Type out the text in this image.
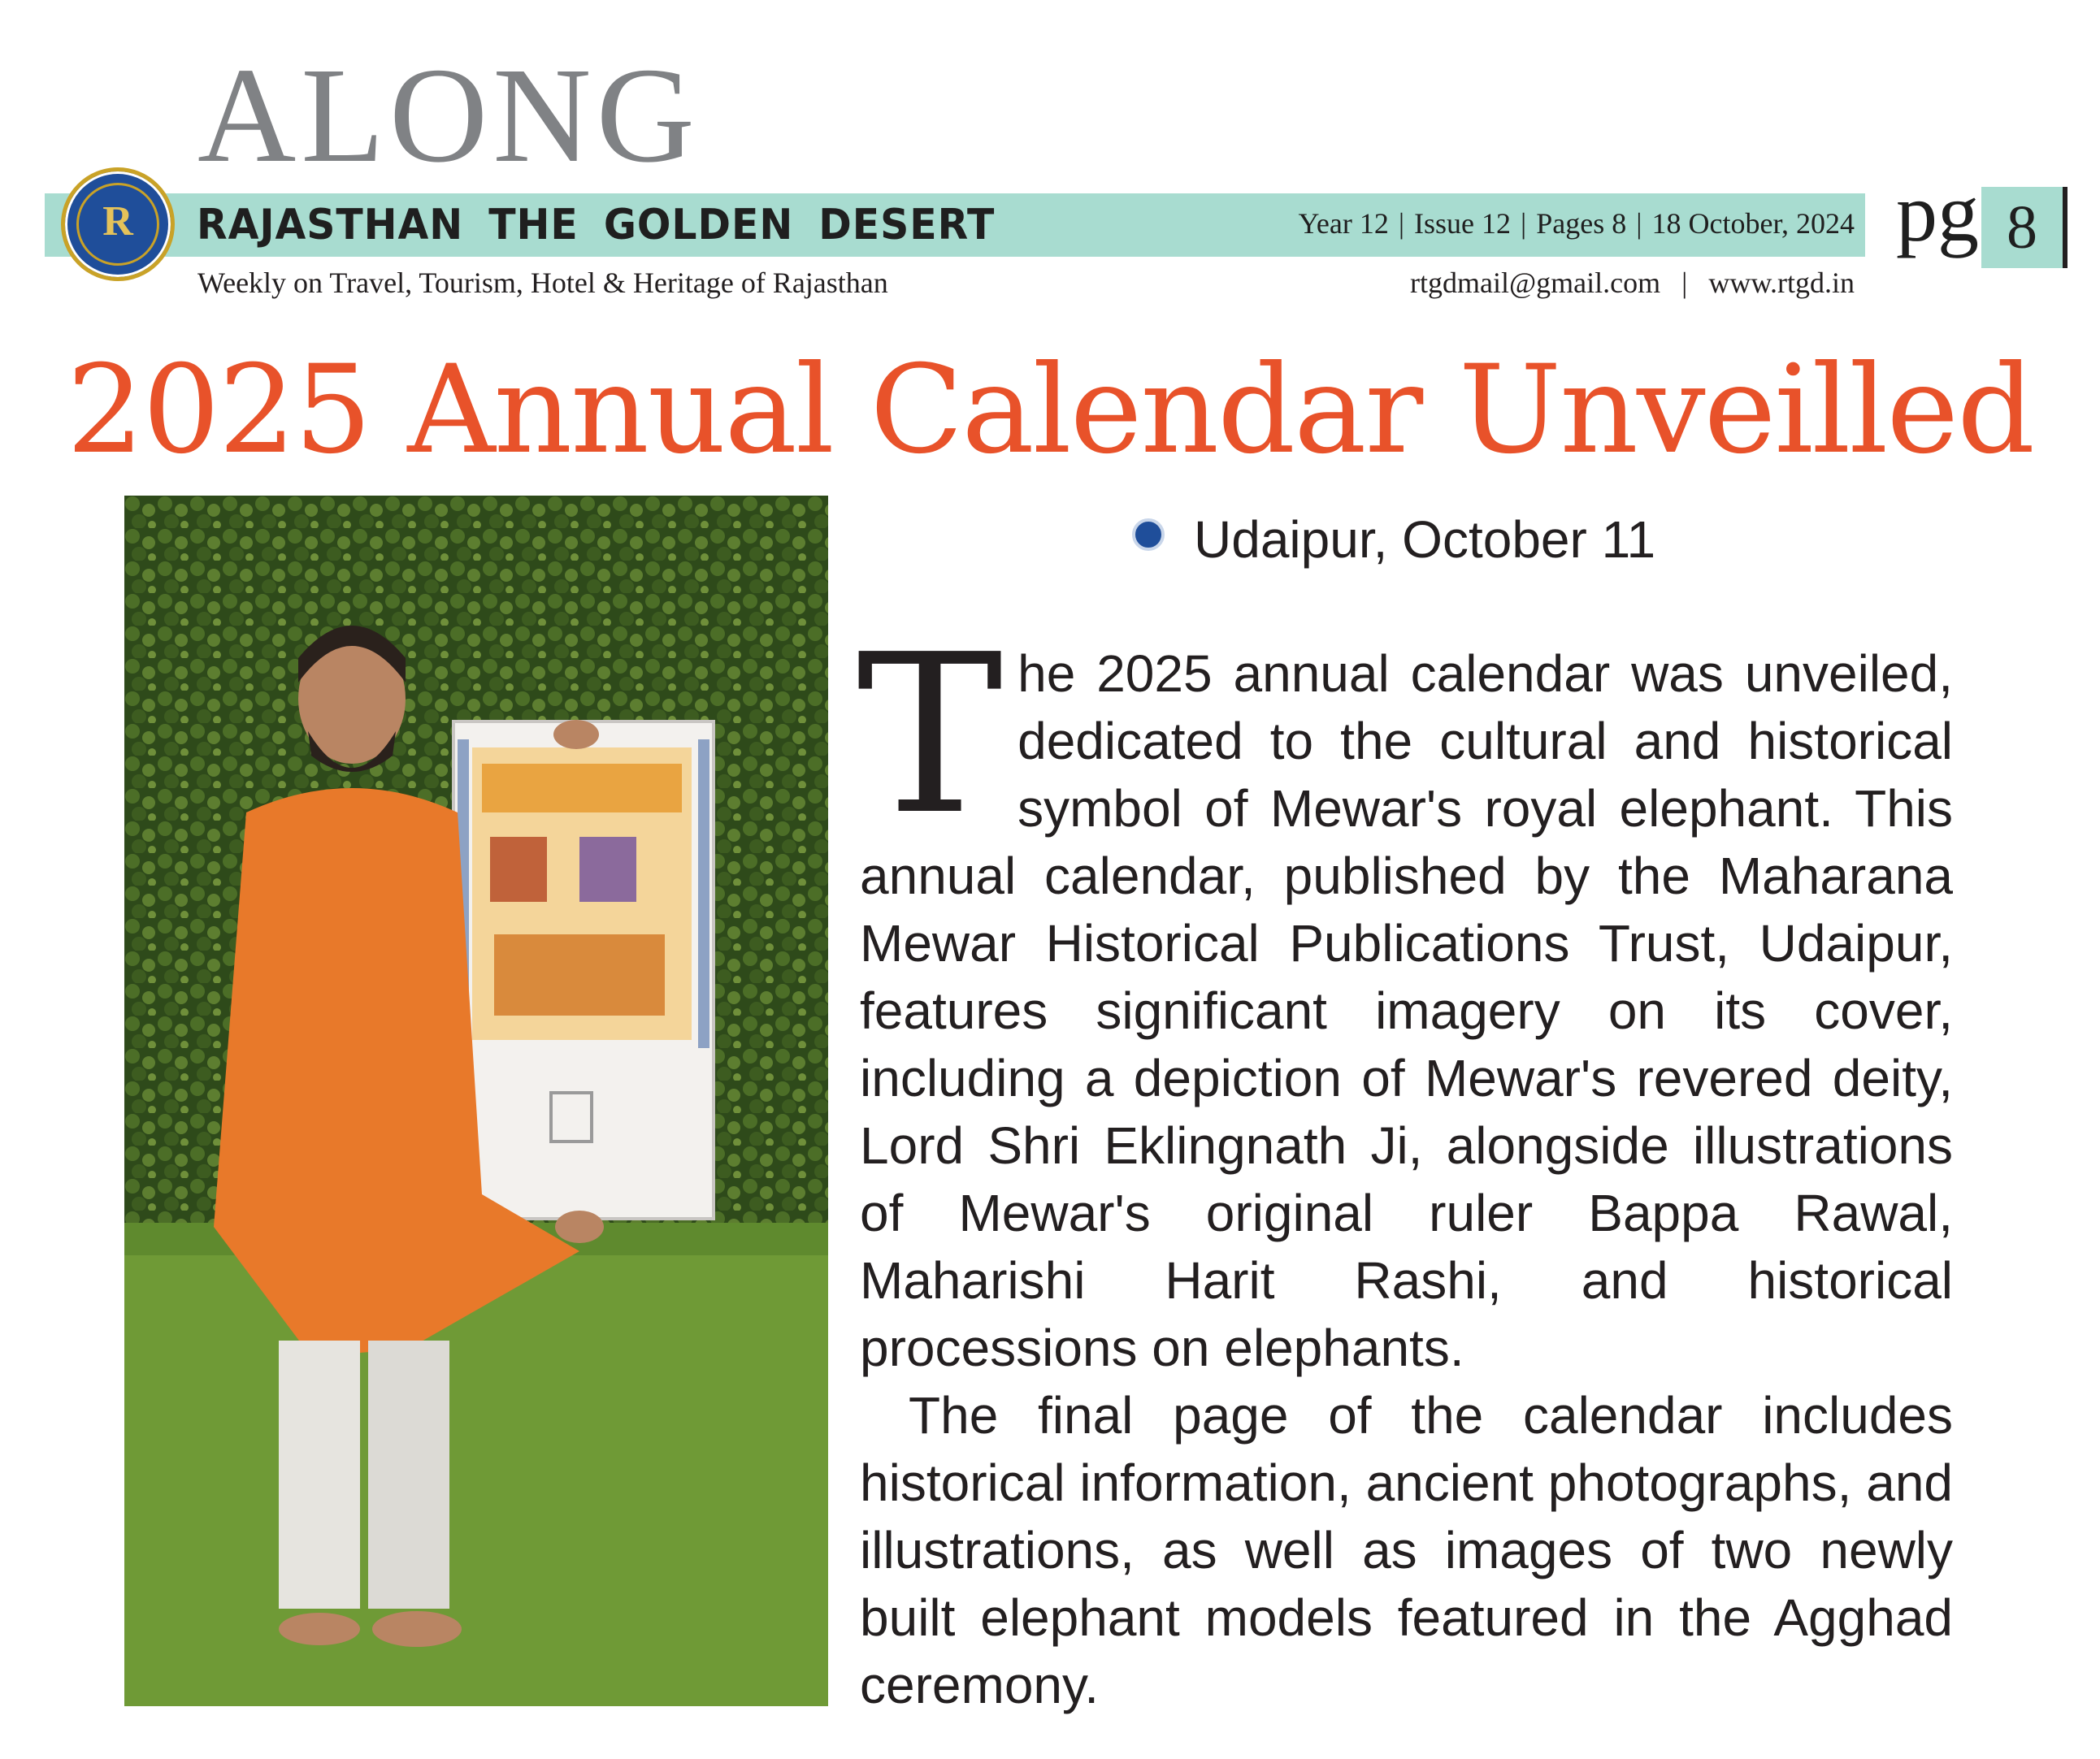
ALONG
R	RAJASTHAN THE GOLDEN DESERT	Year 12 | Issue 12 | Pages 8 | 18 October, 2024 pg 8
Weekly on Travel, Tourism, Hotel & Heritage of Rajasthan	rtgdmail@gmail.com | www.rtgd.in
2025 Annual Calendar Unveilled
Udaipur, October 11

The 2025 annual calendar was unveiled, dedicated to the cultural and historical symbol of Mewar's royal elephant. This annual calendar, published by the Maharana Mewar Historical Publications Trust, Udaipur, features significant imagery on its cover, including a depiction of Mewar's revered deity, Lord Shri Eklingnath Ji, alongside illustrations of Mewar's original ruler Bappa Rawal, Maharishi Harit Rashi, and historical processions on elephants.

The final page of the calendar includes historical information, ancient photographs, and illustrations, as well as images of two newly built elephant models featured in the Agghad ceremony.
